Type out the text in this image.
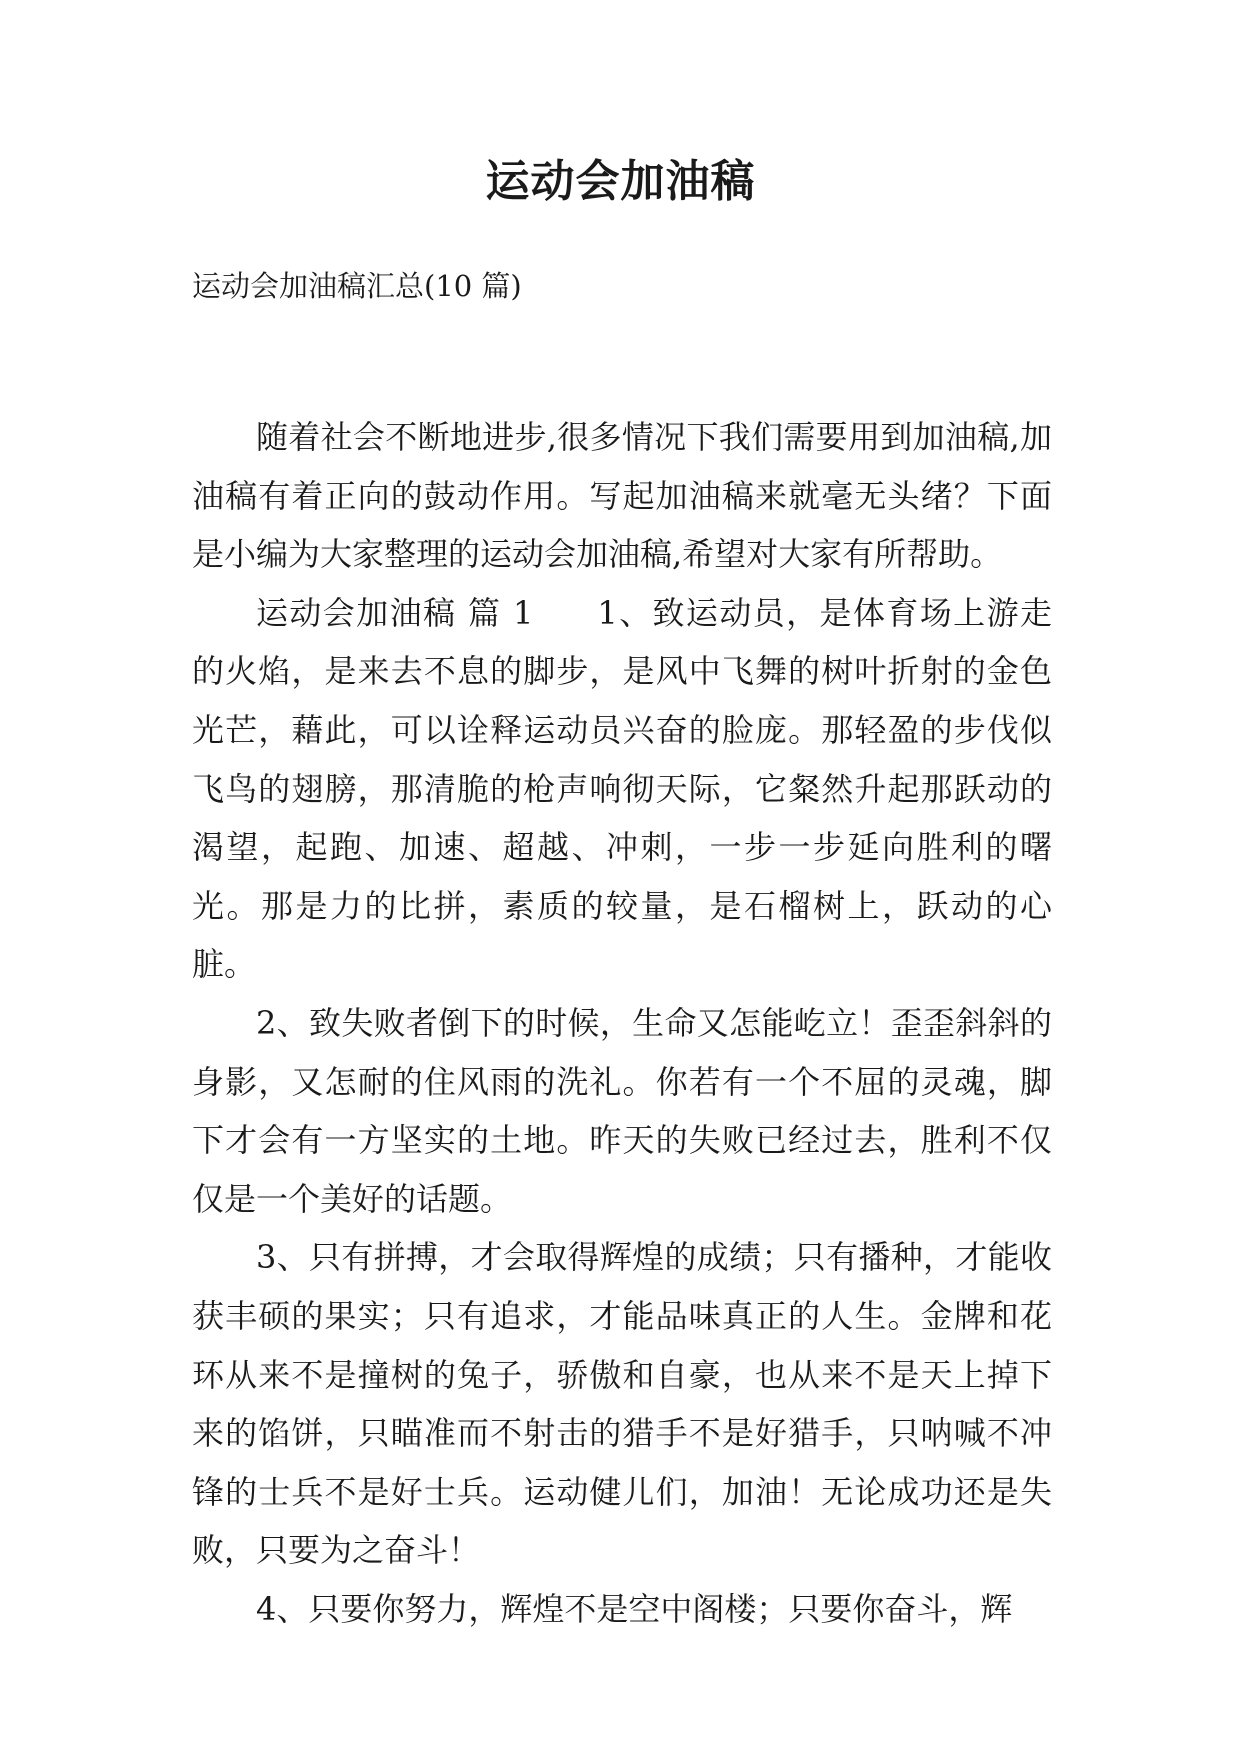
运动会加油稿
运动会加油稿汇总(10 篇)

随着社会不断地进步,很多情况下我们需要用到加油稿,加油稿有着正向的鼓动作用。写起加油稿来就毫无头绪？下面是小编为大家整理的运动会加油稿,希望对大家有所帮助。

运动会加油稿 篇 1 1、致运动员，是体育场上游走的火焰，是来去不息的脚步，是风中飞舞的树叶折射的金色光芒，藉此，可以诠释运动员兴奋的脸庞。那轻盈的步伐似飞鸟的翅膀，那清脆的枪声响彻天际，它粲然升起那跃动的渴望，起跑、加速、超越、冲刺，一步一步延向胜利的曙光。那是力的比拼，素质的较量，是石榴树上，跃动的心脏。

2、致失败者倒下的时候，生命又怎能屹立！歪歪斜斜的身影，又怎耐的住风雨的洗礼。你若有一个不屈的灵魂，脚下才会有一方坚实的土地。昨天的失败已经过去，胜利不仅仅是一个美好的话题。

3、只有拼搏，才会取得辉煌的成绩；只有播种，才能收获丰硕的果实；只有追求，才能品味真正的人生。金牌和花环从来不是撞树的兔子，骄傲和自豪，也从来不是天上掉下来的馅饼，只瞄准而不射击的猎手不是好猎手，只呐喊不冲锋的士兵不是好士兵。运动健儿们，加油！无论成功还是失败，只要为之奋斗！

4、只要你努力，辉煌不是空中阁楼；只要你奋斗，辉
